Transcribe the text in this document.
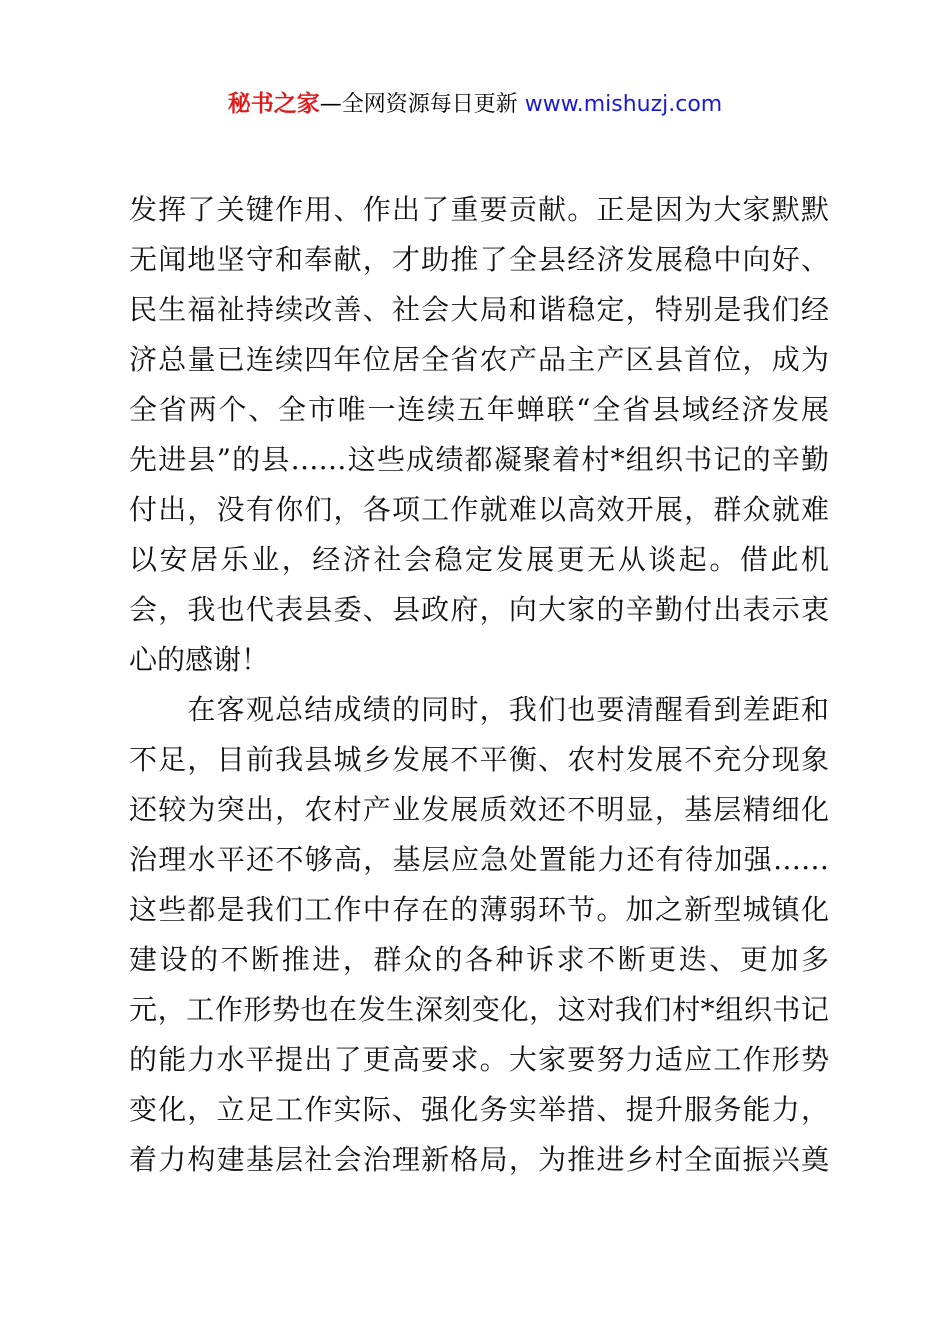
秘书之家—全网资源每日更新 www.mishuzj.com
发挥了关键作用、作出了重要贡献。正是因为大家默默
无闻地坚守和奉献，才助推了全县经济发展稳中向好、
民生福祉持续改善、社会大局和谐稳定，特别是我们经
济总量已连续四年位居全省农产品主产区县首位，成为
全省两个、全市唯一连续五年蝉联“全省县域经济发展
先进县”的县……这些成绩都凝聚着村*组织书记的辛勤
付出，没有你们，各项工作就难以高效开展，群众就难
以安居乐业，经济社会稳定发展更无从谈起。借此机
会，我也代表县委、县政府，向大家的辛勤付出表示衷
心的感谢！
　　在客观总结成绩的同时，我们也要清醒看到差距和
不足，目前我县城乡发展不平衡、农村发展不充分现象
还较为突出，农村产业发展质效还不明显，基层精细化
治理水平还不够高，基层应急处置能力还有待加强……
这些都是我们工作中存在的薄弱环节。加之新型城镇化
建设的不断推进，群众的各种诉求不断更迭、更加多
元，工作形势也在发生深刻变化，这对我们村*组织书记
的能力水平提出了更高要求。大家要努力适应工作形势
变化，立足工作实际、强化务实举措、提升服务能力，
着力构建基层社会治理新格局，为推进乡村全面振兴奠
